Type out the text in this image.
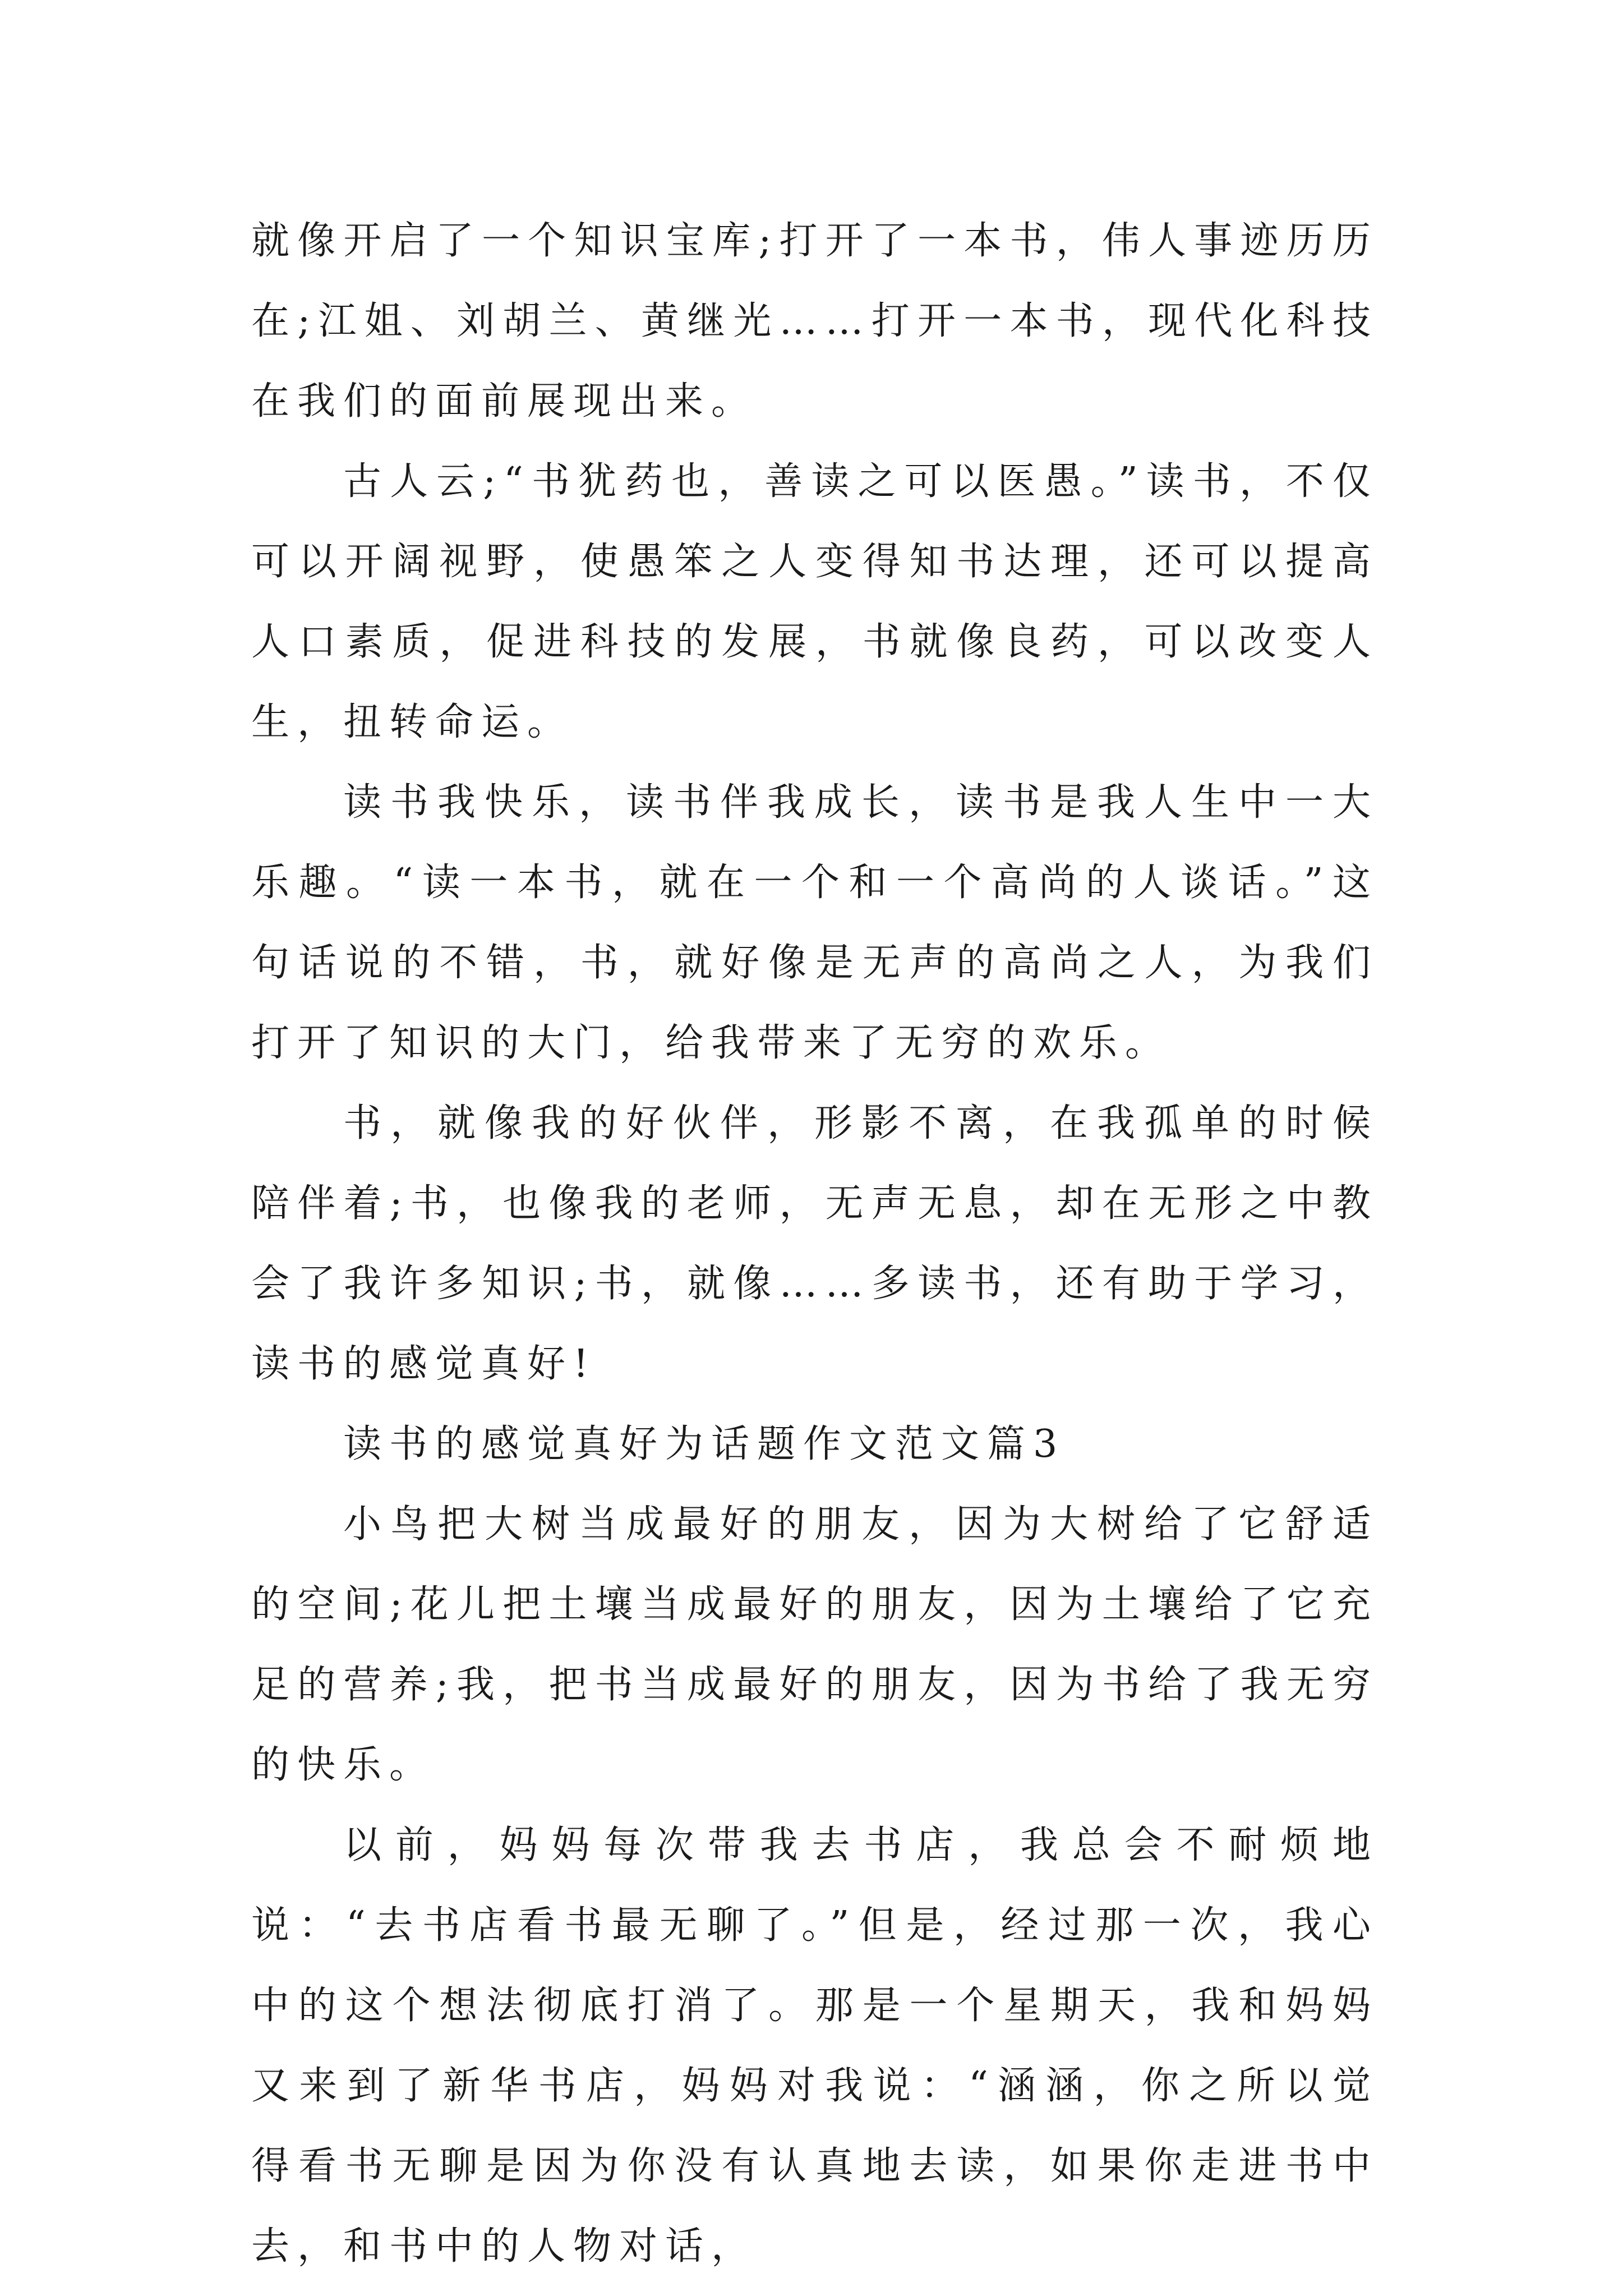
就像开启了一个知识宝库;打开了一本书，伟人事迹历历在;江姐、刘胡兰、黄继光……打开一本书，现代化科技在我们的面前展现出来。

古人云;“书犹药也，善读之可以医愚。”读书，不仅可以开阔视野，使愚笨之人变得知书达理，还可以提高人口素质，促进科技的发展，书就像良药，可以改变人生，扭转命运。

读书我快乐，读书伴我成长，读书是我人生中一大乐趣。“读一本书，就在一个和一个高尚的人谈话。”这句话说的不错，书，就好像是无声的高尚之人，为我们打开了知识的大门，给我带来了无穷的欢乐。

书，就像我的好伙伴，形影不离，在我孤单的时候陪伴着;书，也像我的老师，无声无息，却在无形之中教会了我许多知识;书，就像……多读书，还有助于学习，读书的感觉真好!

读书的感觉真好为话题作文范文篇3

小鸟把大树当成最好的朋友，因为大树给了它舒适的空间;花儿把土壤当成最好的朋友，因为土壤给了它充足的营养;我，把书当成最好的朋友，因为书给了我无穷的快乐。

以前，妈妈每次带我去书店，我总会不耐烦地说：“去书店看书最无聊了。”但是，经过那一次，我心中的这个想法彻底打消了。那是一个星期天，我和妈妈又来到了新华书店，妈妈对我说：“涵涵，你之所以觉得看书无聊是因为你没有认真地去读，如果你走进书中去，和书中的人物对话，
